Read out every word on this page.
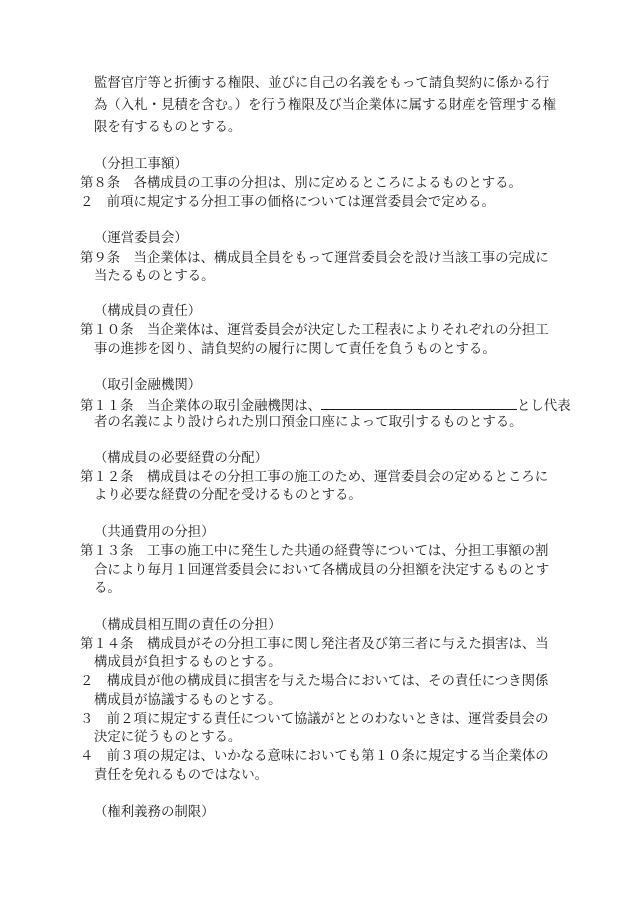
監督官庁等と折衝する権限、並びに自己の名義をもって請負契約に係かる行
為（入札・見積を含む。）を行う権限及び当企業体に属する財産を管理する権
限を有するものとする。
（分担工事額）
第８条　各構成員の工事の分担は、別に定めるところによるものとする。
２　前項に規定する分担工事の価格については運営委員会で定める。
（運営委員会）
第９条　当企業体は、構成員全員をもって運営委員会を設け当該工事の完成に
当たるものとする。
（構成員の責任）
第１０条　当企業体は、運営委員会が決定した工程表によりそれぞれの分担工
事の進捗を図り、請負契約の履行に関して責任を負うものとする。
（取引金融機関）
第１１条　当企業体の取引金融機関は、	とし代表
者の名義により設けられた別口預金口座によって取引するものとする。
（構成員の必要経費の分配）
第１２条　構成員はその分担工事の施工のため、運営委員会の定めるところに
より必要な経費の分配を受けるものとする。
（共通費用の分担）
第１３条　工事の施工中に発生した共通の経費等については、分担工事額の割
合により毎月１回運営委員会において各構成員の分担額を決定するものとす
る。
（構成員相互間の責任の分担）
第１４条　構成員がその分担工事に関し発注者及び第三者に与えた損害は、当
構成員が負担するものとする。
２　構成員が他の構成員に損害を与えた場合においては、その責任につき関係
構成員が協議するものとする。
３　前２項に規定する責任について協議がととのわないときは、運営委員会の
決定に従うものとする。
４　前３項の規定は、いかなる意味においても第１０条に規定する当企業体の
責任を免れるものではない。
（権利義務の制限）
